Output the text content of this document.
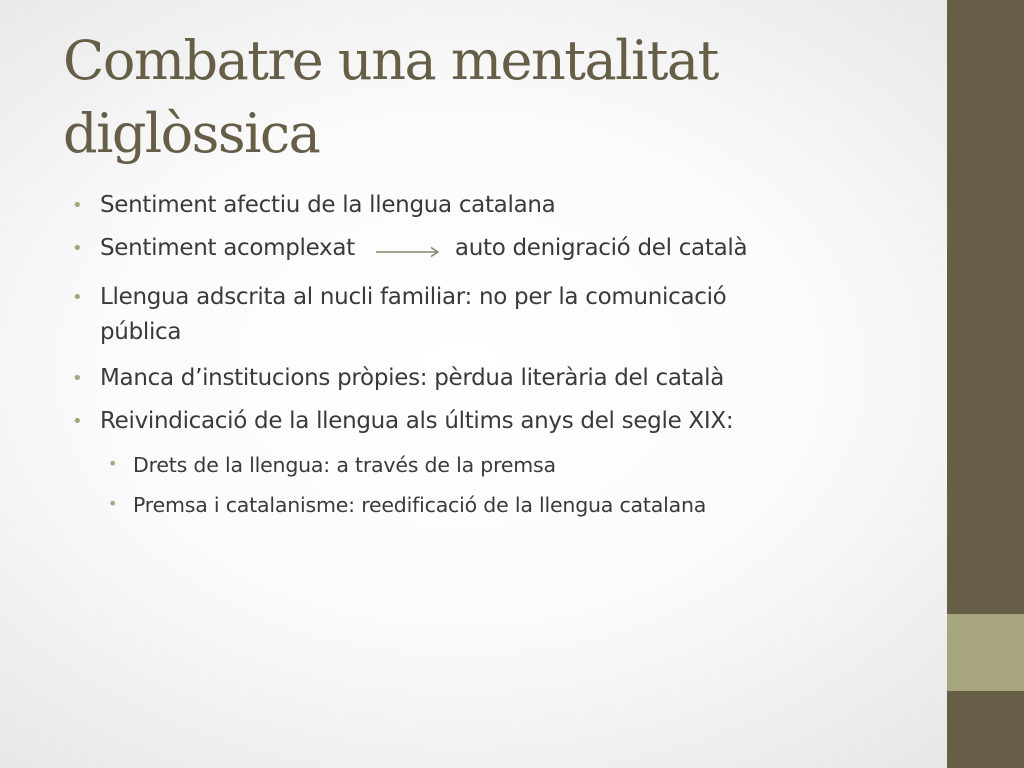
Combatre una mentalitat
diglòssica
• Sentiment afectiu de la llengua catalana
• Sentiment acomplexat	auto denigració del català
• Llengua adscrita al nucli familiar: no per la comunicació
pública
• Manca d’institucions pròpies: pèrdua literària del català
• Reivindicació de la llengua als últims anys del segle XIX:
• Drets de la llengua: a través de la premsa
• Premsa i catalanisme: reedificació de la llengua catalana
